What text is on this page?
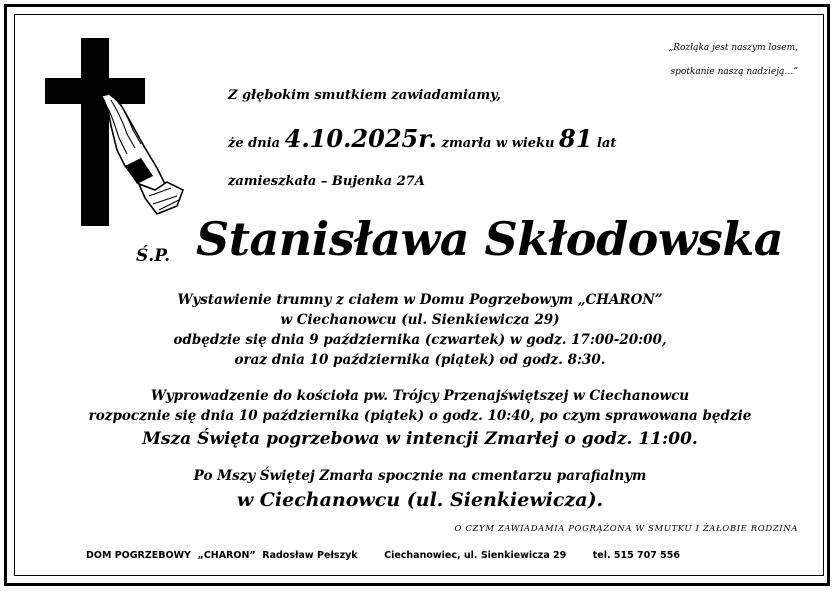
„Rozłąka jest naszym losem,
spotkanie naszą nadzieją…”
Z głębokim smutkiem zawiadamiamy,
że dnia 4.10.2025r. zmarła w wieku 81 lat
zamieszkała – Bujenka 27A
Ś.P. Stanisława Skłodowska
Wystawienie trumny z ciałem w Domu Pogrzebowym „CHARON”
w Ciechanowcu (ul. Sienkiewicza 29)
odbędzie się dnia 9 października (czwartek) w godz. 17:00-20:00,
oraz dnia 10 października (piątek) od godz. 8:30.
Wyprowadzenie do kościoła pw. Trójcy Przenajświętszej w Ciechanowcu
rozpocznie się dnia 10 października (piątek) o godz. 10:40, po czym sprawowana będzie
Msza Święta pogrzebowa w intencji Zmarłej o godz. 11:00.
Po Mszy Świętej Zmarła spocznie na cmentarzu parafialnym
w Ciechanowcu (ul. Sienkiewicza).
O CZYM ZAWIADAMIA POGRĄŻONA W SMUTKU I ŻAŁOBIE RODZINA
DOM POGRZEBOWY  „CHARON”  Radosław Pełszyk	Ciechanowiec, ul. Sienkiewicza 29	tel. 515 707 556
